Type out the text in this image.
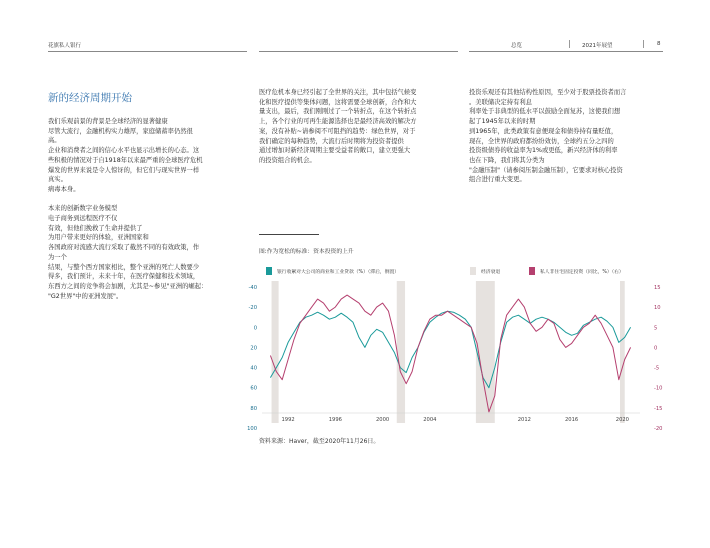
花旗私人银行	总览	2021年展望	8
新的经济周期开始

我们乐观前景的背景是全球经济的显著健康

尽管大流行，金融机构实力雄厚，家庭储蓄率仍然很

高。

企业和消费者之间的信心水平也显示出增长的心态。这

些积极的情况对于自1918年以来最严重的全球医疗危机

爆发的世界来说是令人惊讶的，但它们与现实世界一样

真实。

病毒本身。

本来的创新数字业务模型

电子商务到远程医疗不仅

有效，但他们挽救了生命并提供了

为用户带来更好的体验，亚洲国家和

各国政府对流感大流行采取了截然不同的有效政策，作

为一个

结果，与整个西方国家相比，整个亚洲的死亡人数要少

得多，我们预计，未来十年，在医疗保健和技术领域，

东西方之间的竞争将会加剧，尤其是~参见"亚洲的崛起：

"G2世界"中的亚洲发展"。

医疗危机本身已经引起了全世界的关注，其中包括气候变

化和医疗提供等集体问题，这将需要全球创新，合作和大

量支出，最后，我们刚刚过了一个转折点，在这个转折点

上，各个行业的可再生能源选择也是最经济高效的解决方

案，没有补贴~请参阅不可阻挡的趋势：绿色世界，对于

我们确定的每种趋势，大流行后时期将为投资者提供

通过增加对新经济周期主要受益者的敞口，建立更强大

的投资组合的机会。

投资乐观还有其他结构性原因，至少对于股票投资者而言

。美联储决定持有利息

利率处于非典型的低水平以鼓励全面复苏，这使我们想

起了1945年以来的时期

到1965年，此类政策有意便现金和债券持有量贬值，

现在，全世界的政府都纷纷效仿，全球约五分之四的

投资级债券的收益率为1%或更低，新兴经济体的利率

也在下降，我们将其分类为

"金融压制"（请参阅压制金融压制），它要求对核心投资

组合进行重大变更。

图:作为宽松的标准：资本投资的上升
银行收紧对大公司的商业和工业贷款（%）（滞后，倒置）	经济衰退	私人非住宅固定投资（同比，%）（右）
-40
-20
0
20
40
60
80
100
15
10
5
0
-5
-10
-15
-20
1992	1996	2000	2004	2012	2016	2020
资料来源：Haver，截至2020年11月26日。
